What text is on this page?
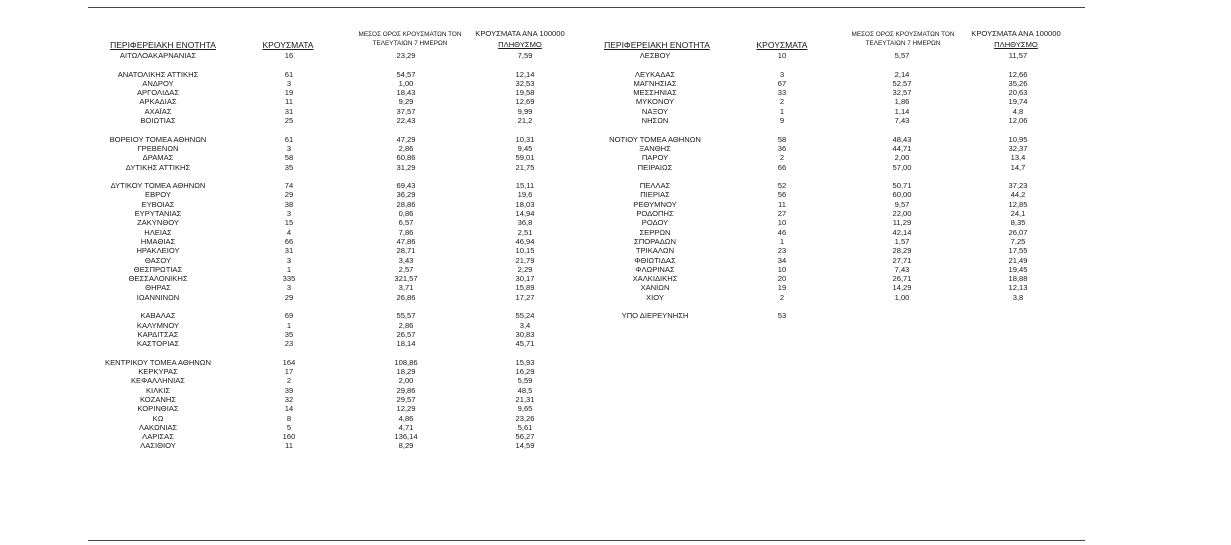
ΠΕΡΙΦΕΡΕΙΑΚΗ ΕΝΟΤΗΤΑ	ΚΡΟΥΣΜΑΤΑ
ΜΕΣΟΣ ΟΡΟΣ ΚΡΟΥΣΜΑΤΩΝ ΤΟΝ
ΤΕΛΕΥΤΑΙΩΝ 7 ΗΜΕΡΩΝ
ΚΡΟΥΣΜΑΤΑ ΑΝΑ 100000
ΠΛΗΘΥΣΜΟ	ΠΕΡΙΦΕΡΕΙΑΚΗ ΕΝΟΤΗΤΑ	ΚΡΟΥΣΜΑΤΑ
ΜΕΣΟΣ ΟΡΟΣ ΚΡΟΥΣΜΑΤΩΝ ΤΟΝ
ΤΕΛΕΥΤΑΙΩΝ 7 ΗΜΕΡΩΝ
ΚΡΟΥΣΜΑΤΑ ΑΝΑ 100000
ΠΛΗΘΥΣΜΟ
ΑΙΤΩΛΟΑΚΑΡΝΑΝΙΑΣ	16	23,29	7,59
ΑΝΑΤΟΛΙΚΗΣ ΑΤΤΙΚΗΣ	61	54,57	12,14
ΑΝΔΡΟΥ	3	1,00	32,53
ΑΡΓΟΛΙΔΑΣ	19	18,43	19,58
ΑΡΚΑΔΙΑΣ	11	9,29	12,69
ΑΧΑΪΑΣ	31	37,57	9,99
ΒΟΙΩΤΙΑΣ	25	22,43	21,2
ΒΟΡΕΙΟΥ ΤΟΜΕΑ ΑΘΗΝΩΝ	61	47,29	10,31
ΓΡΕΒΕΝΩΝ	3	2,86	9,45
ΔΡΑΜΑΣ	58	60,86	59,01
ΔΥΤΙΚΗΣ ΑΤΤΙΚΗΣ	35	31,29	21,75
ΔΥΤΙΚΟΥ ΤΟΜΕΑ ΑΘΗΝΩΝ	74	69,43	15,11
ΕΒΡΟΥ	29	36,29	19,6
ΕΥΒΟΙΑΣ	38	28,86	18,03
ΕΥΡΥΤΑΝΙΑΣ	3	0,86	14,94
ΖΑΚΥΝΘΟΥ	15	6,57	36,8
ΗΛΕΙΑΣ	4	7,86	2,51
ΗΜΑΘΙΑΣ	66	47,86	46,94
ΗΡΑΚΛΕΙΟΥ	31	28,71	10,15
ΘΑΣΟΥ	3	3,43	21,79
ΘΕΣΠΡΩΤΙΑΣ	1	2,57	2,29
ΘΕΣΣΑΛΟΝΙΚΗΣ	335	321,57	30,17
ΘΗΡΑΣ	3	3,71	15,89
ΙΩΑΝΝΙΝΩΝ	29	26,86	17,27
ΚΑΒΑΛΑΣ	69	55,57	55,24
ΚΑΛΥΜΝΟΥ	1	2,86	3,4
ΚΑΡΔΙΤΣΑΣ	35	26,57	30,83
ΚΑΣΤΟΡΙΑΣ	23	18,14	45,71
ΚΕΝΤΡΙΚΟΥ ΤΟΜΕΑ ΑΘΗΝΩΝ	164	108,86	15,93
ΚΕΡΚΥΡΑΣ	17	18,29	16,29
ΚΕΦΑΛΛΗΝΙΑΣ	2	2,00	5,59
ΚΙΛΚΙΣ	39	29,86	48,5
ΚΟΖΑΝΗΣ	32	29,57	21,31
ΚΟΡΙΝΘΙΑΣ	14	12,29	9,65
ΚΩ	8	4,86	23,26
ΛΑΚΩΝΙΑΣ	5	4,71	5,61
ΛΑΡΙΣΑΣ	160	136,14	56,27
ΛΑΣΙΘΙΟΥ	11	8,29	14,59
ΛΕΣΒΟΥ	10	5,57	11,57
ΛΕΥΚΑΔΑΣ	3	2,14	12,66
ΜΑΓΝΗΣΙΑΣ	67	52,57	35,26
ΜΕΣΣΗΝΙΑΣ	33	32,57	20,63
ΜΥΚΟΝΟΥ	2	1,86	19,74
ΝΑΞΟΥ	1	1,14	4,8
ΝΗΣΩΝ	9	7,43	12,06
ΝΟΤΙΟΥ ΤΟΜΕΑ ΑΘΗΝΩΝ	58	48,43	10,95
ΞΑΝΘΗΣ	36	44,71	32,37
ΠΑΡΟΥ	2	2,00	13,4
ΠΕΙΡΑΙΩΣ	66	57,00	14,7
ΠΕΛΛΑΣ	52	50,71	37,23
ΠΙΕΡΙΑΣ	56	60,00	44,2
ΡΕΘΥΜΝΟΥ	11	9,57	12,85
ΡΟΔΟΠΗΣ	27	22,00	24,1
ΡΟΔΟΥ	10	11,29	8,35
ΣΕΡΡΩΝ	46	42,14	26,07
ΣΠΟΡΑΔΩΝ	1	1,57	7,25
ΤΡΙΚΑΛΩΝ	23	28,29	17,55
ΦΘΙΩΤΙΔΑΣ	34	27,71	21,49
ΦΛΩΡΙΝΑΣ	10	7,43	19,45
ΧΑΛΚΙΔΙΚΗΣ	20	26,71	18,88
ΧΑΝΙΩΝ	19	14,29	12,13
ΧΙΟΥ	2	1,00	3,8
ΥΠΟ ΔΙΕΡΕΥΝΗΣΗ	53
